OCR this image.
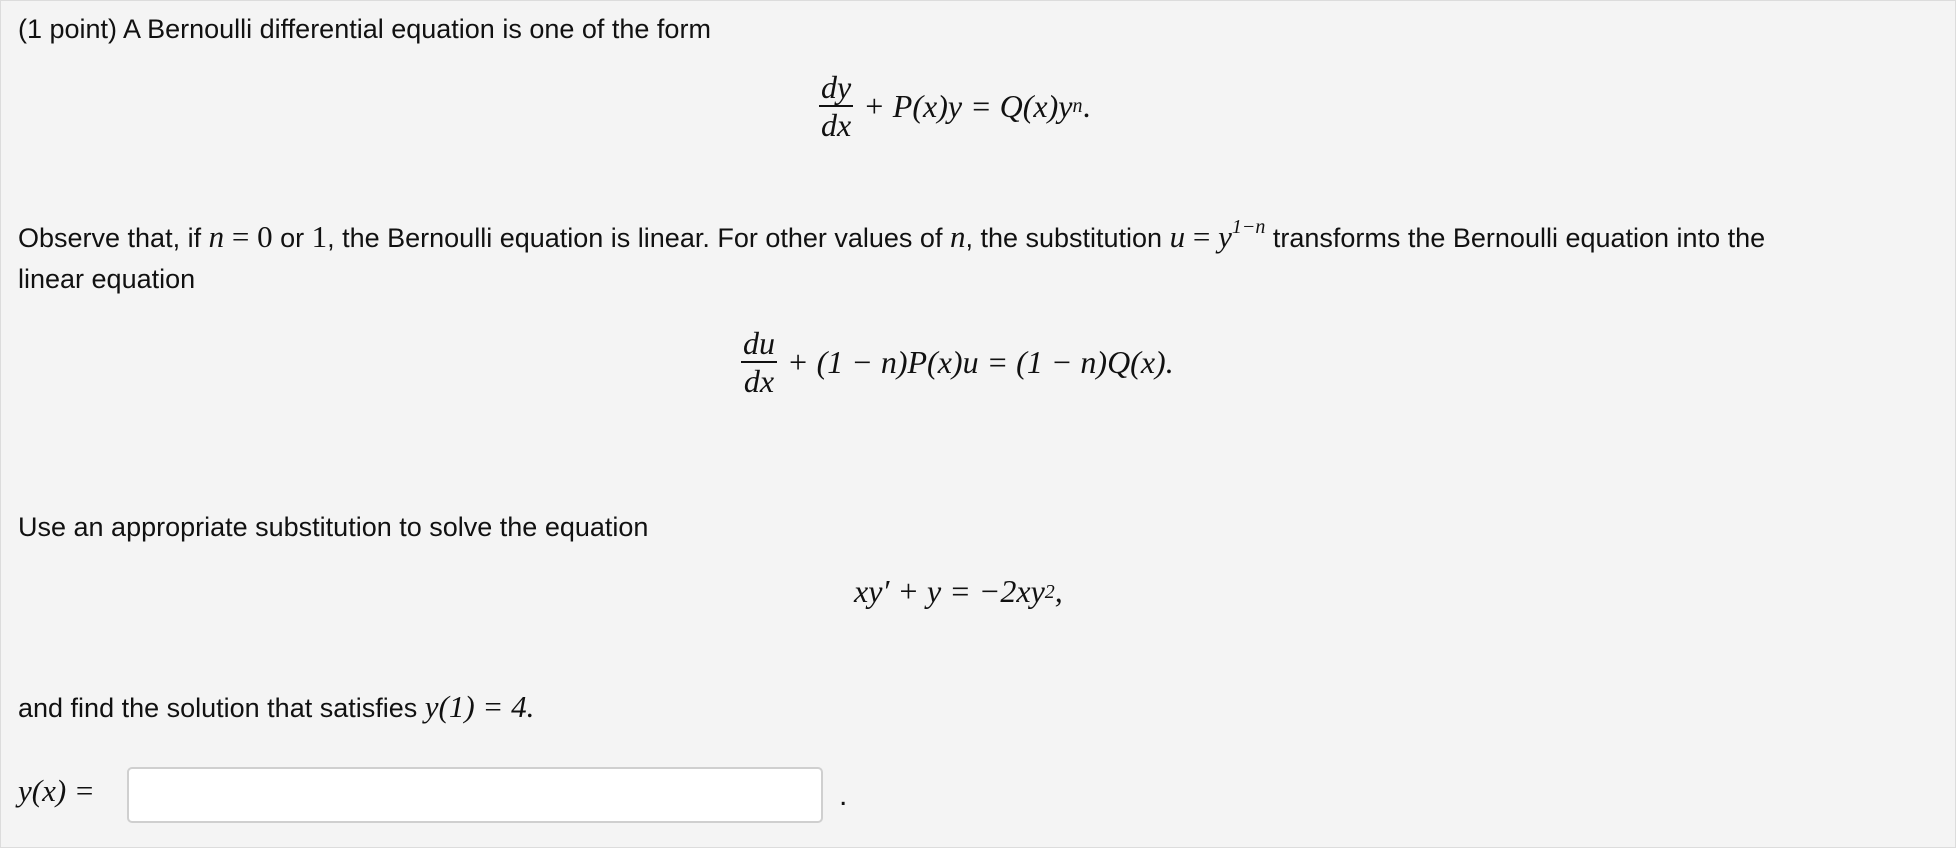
(1 point) A Bernoulli differential equation is one of the form
$\frac{dy}{dx} + P(x)y = Q(x)y$ n .
Observe that, if n = 0 or 1, the Bernoulli equation is linear. For other values of n, the substitution $u = y^{1-n}$ transforms the Bernoulli equation into the
linear equation
$\frac{du}{dx} + (1 - n)P(x)u = (1 - n)Q(x)$.
Use an appropriate substitution to solve the equation
xy′ + y = −2xy 2 ,
and find the solution that satisfies y(1) = 4.
y(x) =	.
